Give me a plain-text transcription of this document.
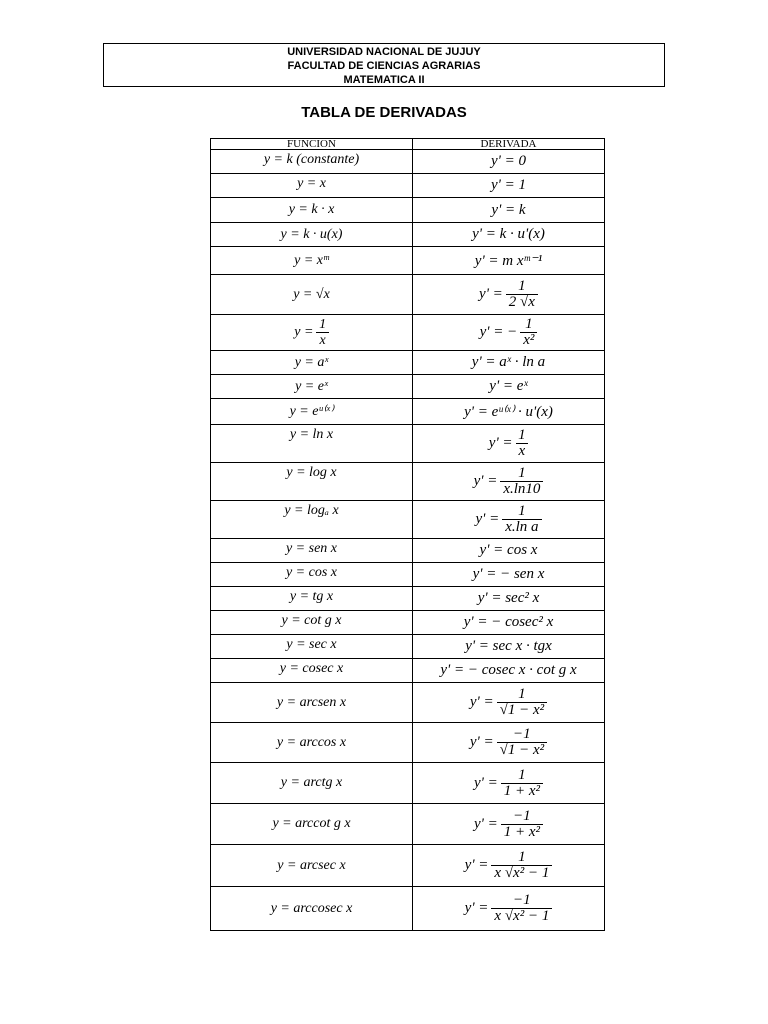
UNIVERSIDAD NACIONAL DE JUJUY
FACULTAD DE CIENCIAS AGRARIAS
MATEMATICA II
TABLA DE DERIVADAS
FUNCION	DERIVADA
y = k (constante)	y' = 0
y = x	y' = 1
y = k · x	y' = k
y = k · u(x)	y' = k · u'(x)
y = xᵐ	y' = m xᵐ⁻¹
y = √x	$y' = \frac{1}{2 √x}$

$y = \frac{1}{x}$	y' = − $\frac{1}{\text{x²}}$

y = aˣ	y' = aˣ · ln a
y = eˣ	y' = eˣ
y = eᵘ⁽ˣ⁾	y' = eᵘ⁽ˣ⁾ · u'(x)
y = ln x	$y' = \frac{1}{x}$

y = log x	$y' = \frac{1}{x.\ln 10}$

y = logₐ x	$y' = \frac{1}{\text{x.ln a}}$

y = sen x	y' = cos x
y = cos x	y' = − sen x
y = tg x	y' = sec² x
y = cot g x	y' = − cosec² x
y = sec x	y' = sec x · tgx
y = cosec x	y' = − cosec x · cot g x
y = arcsen x	$y' = \frac{1}{\text{√1 − x²}}$

y = arccos x	$y' = \frac{-1}{\text{√1 − x²}}$

y = arctg x	$y' = \frac{1}{\text{1 + x²}}$

y = arccot g x	$y' = \frac{-1}{\text{1 + x²}}$

y = arcsec x	$y' = \frac{1}{\text{x √x² − 1}}$

y = arccosec x	$y' = \frac{-1}{\text{x √x² − 1}}$
